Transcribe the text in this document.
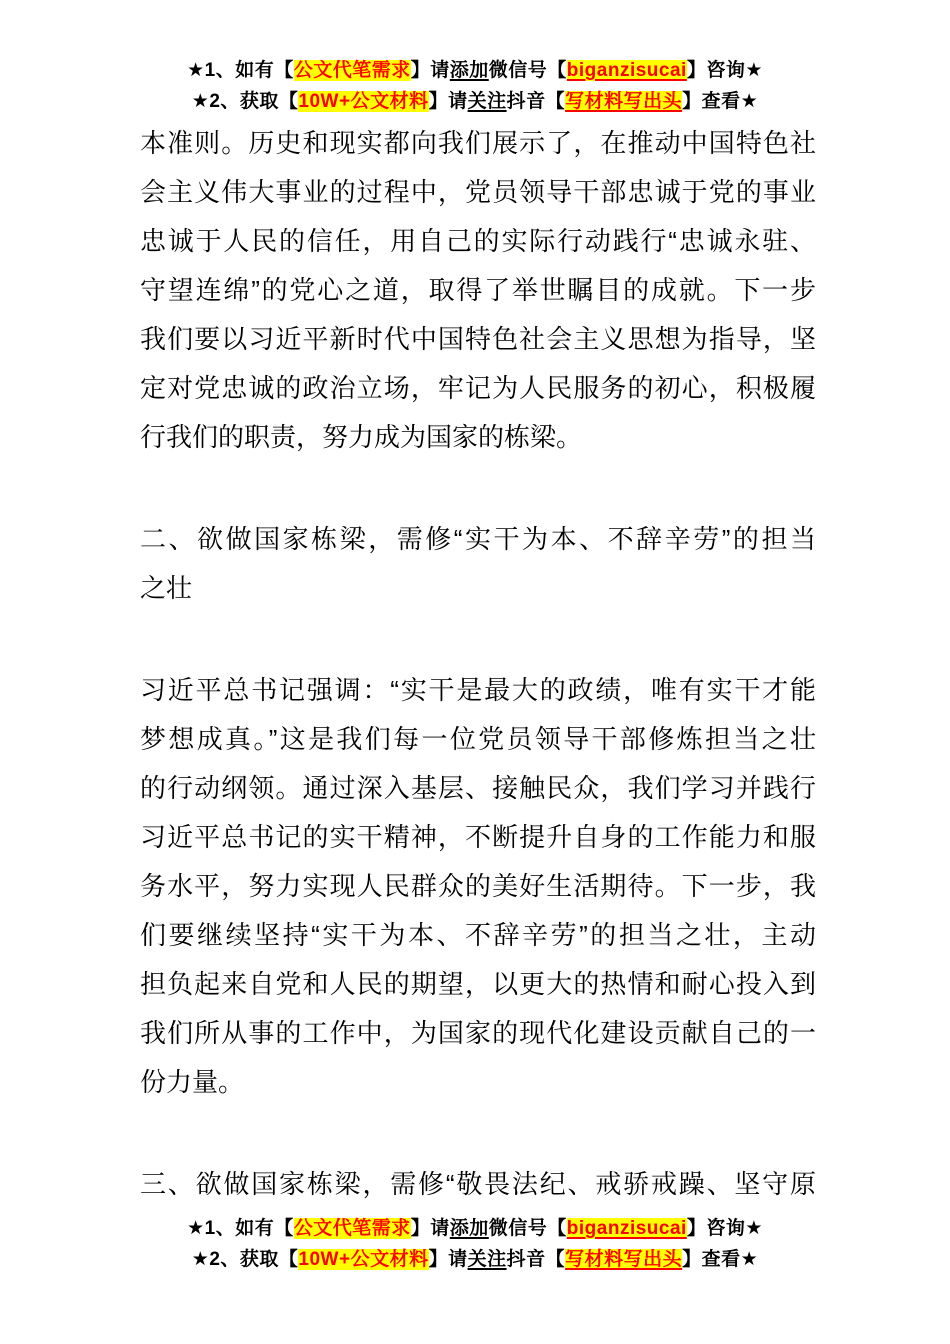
★1、如有【公文代笔需求】请添加微信号【biganzisucai】咨询★
★2、获取【10W+公文材料】请关注抖音【写材料写出头】查看★
本准则。历史和现实都向我们展示了，在推动中国特色社
会主义伟大事业的过程中，党员领导干部忠诚于党的事业
忠诚于人民的信任，用自己的实际行动践行“忠诚永驻、
守望连绵”的党心之道，取得了举世瞩目的成就。下一步
我们要以习近平新时代中国特色社会主义思想为指导，坚
定对党忠诚的政治立场，牢记为人民服务的初心，积极履
行我们的职责，努力成为国家的栋梁。
二、欲做国家栋梁，需修“实干为本、不辞辛劳”的担当
之壮
习近平总书记强调：“实干是最大的政绩，唯有实干才能
梦想成真。”这是我们每一位党员领导干部修炼担当之壮
的行动纲领。通过深入基层、接触民众，我们学习并践行
习近平总书记的实干精神，不断提升自身的工作能力和服
务水平，努力实现人民群众的美好生活期待。下一步，我
们要继续坚持“实干为本、不辞辛劳”的担当之壮，主动
担负起来自党和人民的期望，以更大的热情和耐心投入到
我们所从事的工作中，为国家的现代化建设贡献自己的一
份力量。
三、欲做国家栋梁，需修“敬畏法纪、戒骄戒躁、坚守原
★1、如有【公文代笔需求】请添加微信号【biganzisucai】咨询★
★2、获取【10W+公文材料】请关注抖音【写材料写出头】查看★
